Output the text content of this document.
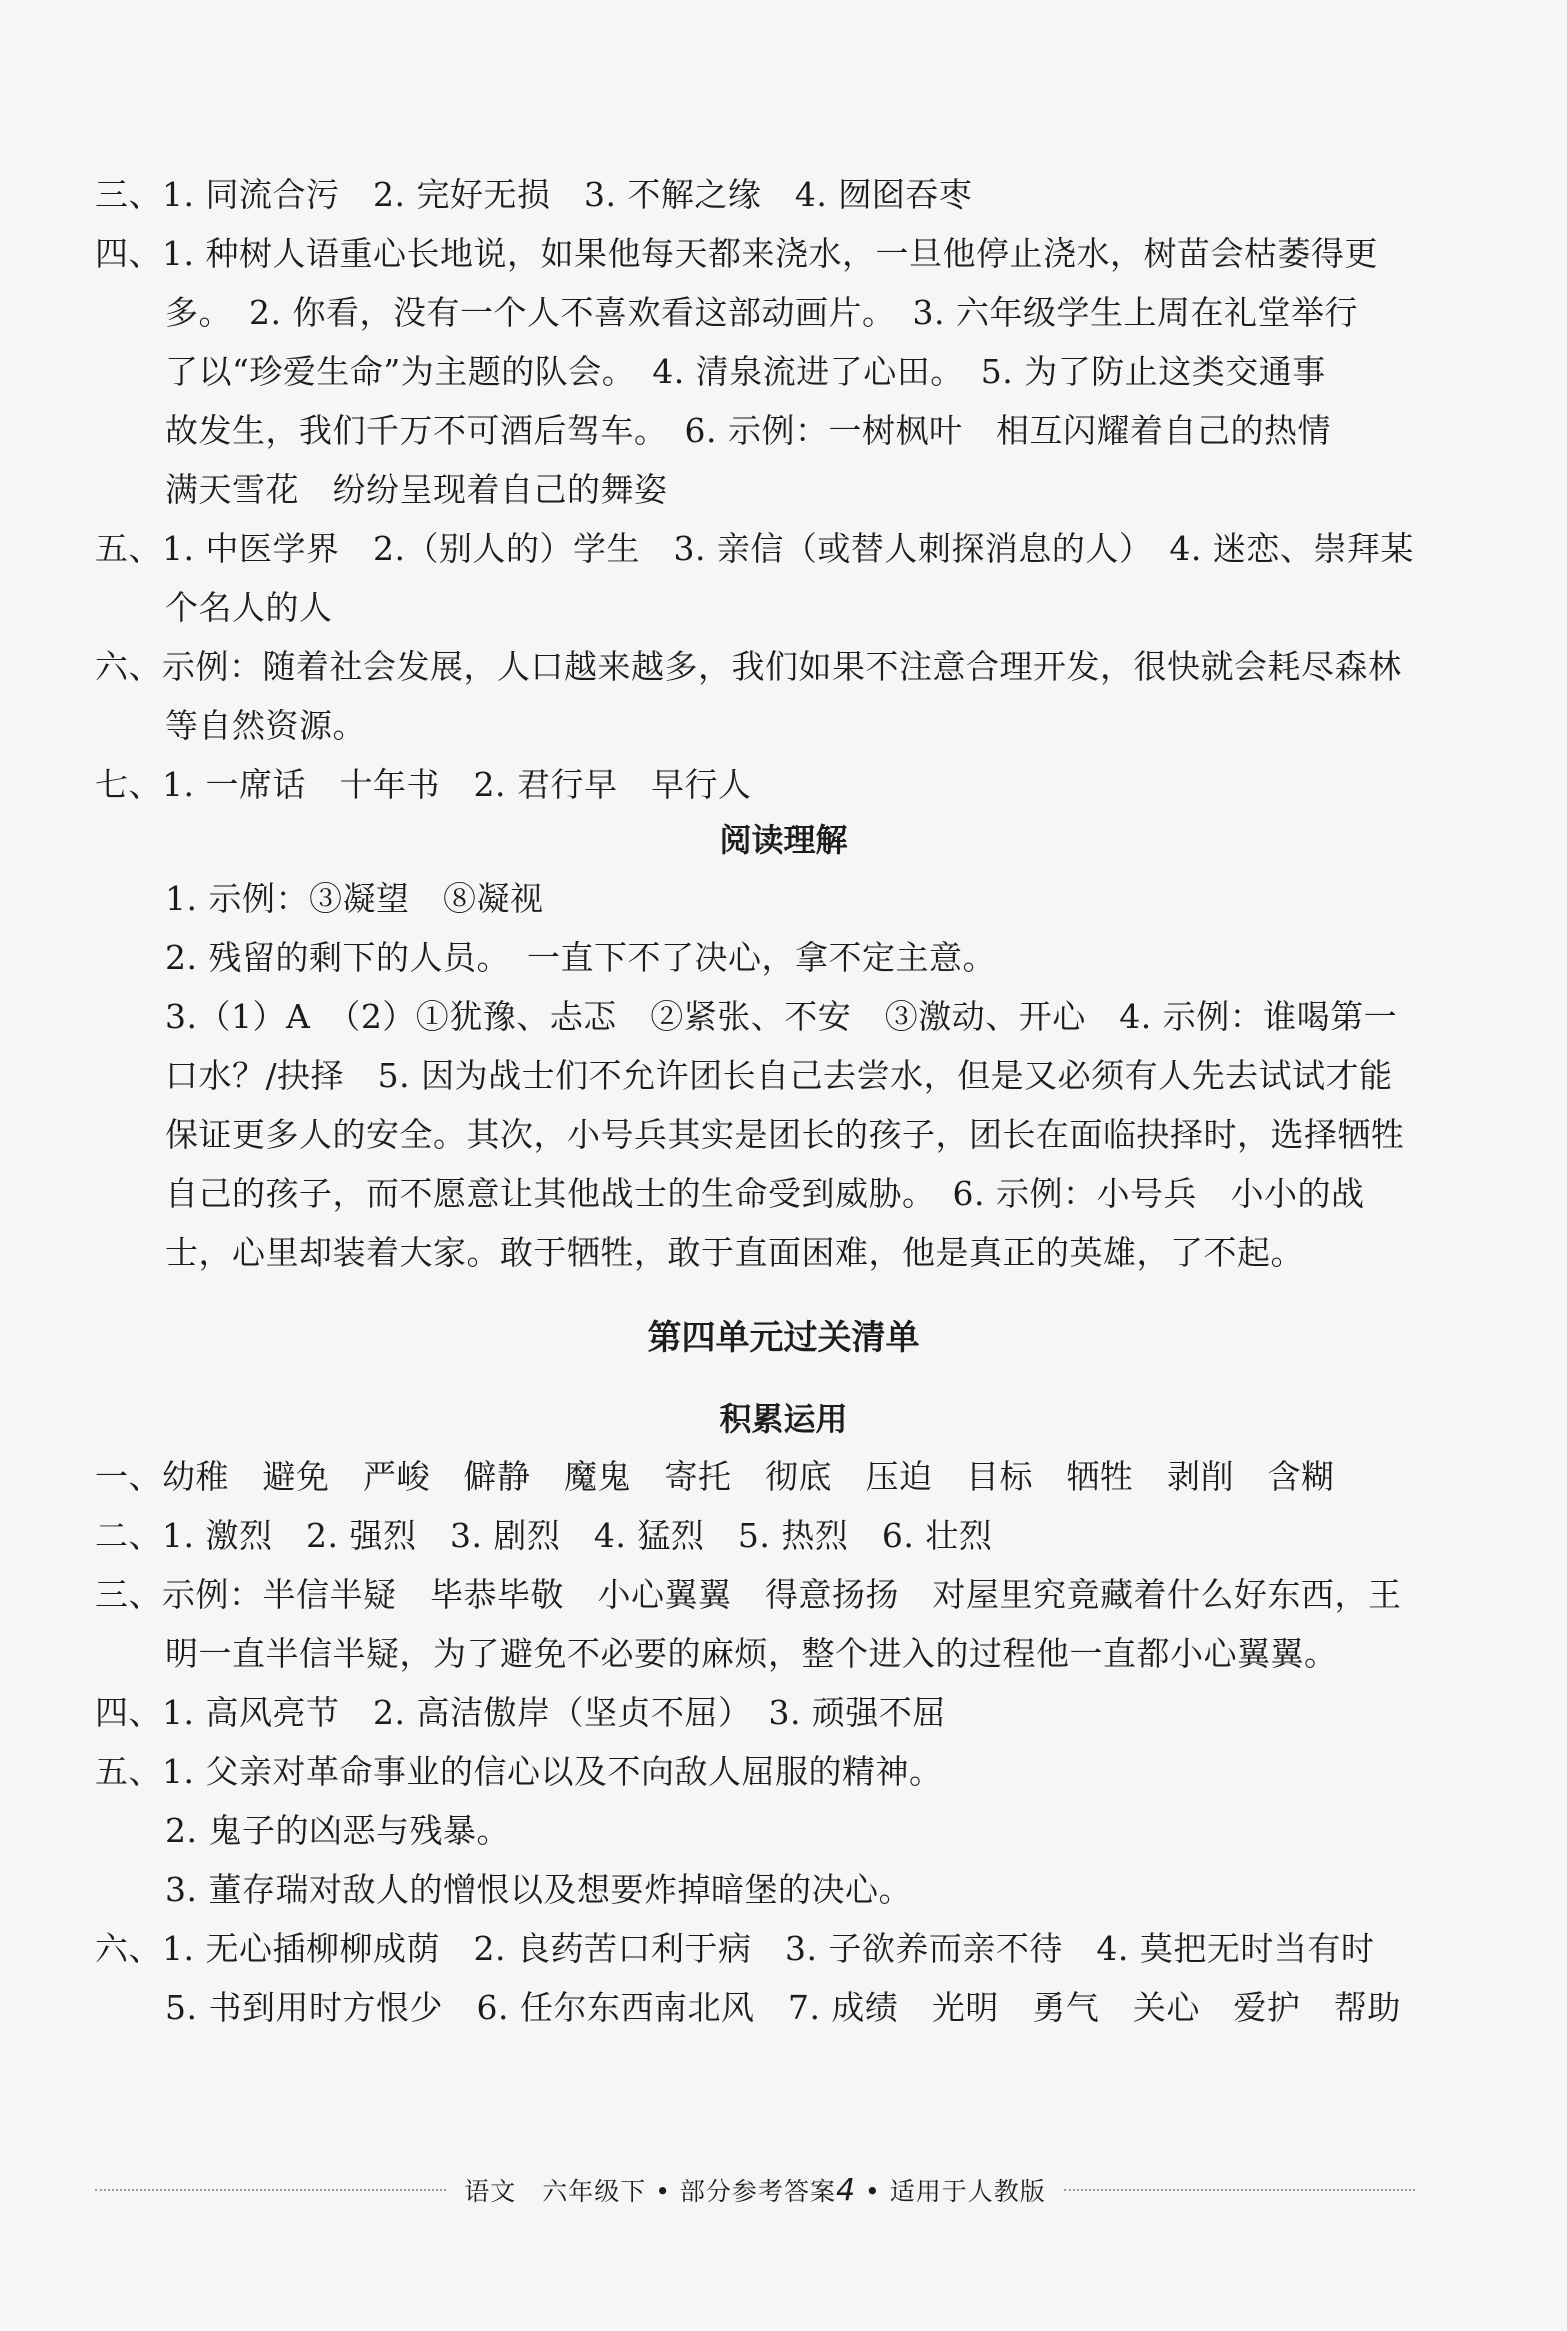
三、1. 同流合污　2. 完好无损　3. 不解之缘　4. 囫囵吞枣
四、1. 种树人语重心长地说，如果他每天都来浇水，一旦他停止浇水，树苗会枯萎得更
多。　2. 你看，没有一个人不喜欢看这部动画片。　3. 六年级学生上周在礼堂举行
了以“珍爱生命”为主题的队会。　4. 清泉流进了心田。　5. 为了防止这类交通事
故发生，我们千万不可酒后驾车。　6. 示例：一树枫叶　相互闪耀着自己的热情
满天雪花　纷纷呈现着自己的舞姿
五、1. 中医学界　2.（别人的）学生　3. 亲信（或替人刺探消息的人）　4. 迷恋、崇拜某
个名人的人
六、示例：随着社会发展，人口越来越多，我们如果不注意合理开发，很快就会耗尽森林
等自然资源。
七、1. 一席话　十年书　2. 君行早　早行人
阅读理解
1. 示例：③凝望　⑧凝视
2. 残留的剩下的人员。　一直下不了决心，拿不定主意。
3.（1）A　（2）①犹豫、忐忑　②紧张、不安　③激动、开心　4. 示例：谁喝第一
口水？/抉择　5. 因为战士们不允许团长自己去尝水，但是又必须有人先去试试才能
保证更多人的安全。其次，小号兵其实是团长的孩子，团长在面临抉择时，选择牺牲
自己的孩子，而不愿意让其他战士的生命受到威胁。　6. 示例：小号兵　小小的战
士，心里却装着大家。敢于牺牲，敢于直面困难，他是真正的英雄，了不起。
第四单元过关清单
积累运用
一、幼稚　避免　严峻　僻静　魔鬼　寄托　彻底　压迫　目标　牺牲　剥削　含糊
二、1. 激烈　2. 强烈　3. 剧烈　4. 猛烈　5. 热烈　6. 壮烈
三、示例：半信半疑　毕恭毕敬　小心翼翼　得意扬扬　对屋里究竟藏着什么好东西，王
明一直半信半疑，为了避免不必要的麻烦，整个进入的过程他一直都小心翼翼。
四、1. 高风亮节　2. 高洁傲岸（坚贞不屈）　3. 顽强不屈
五、1. 父亲对革命事业的信心以及不向敌人屈服的精神。
2. 鬼子的凶恶与残暴。
3. 董存瑞对敌人的憎恨以及想要炸掉暗堡的决心。
六、1. 无心插柳柳成荫　2. 良药苦口利于病　3. 子欲养而亲不待　4. 莫把无时当有时
5. 书到用时方恨少　6. 任尔东西南北风　7. 成绩　光明　勇气　关心　爱护　帮助
语文　六年级下 • 部分参考答案4 • 适用于人教版
